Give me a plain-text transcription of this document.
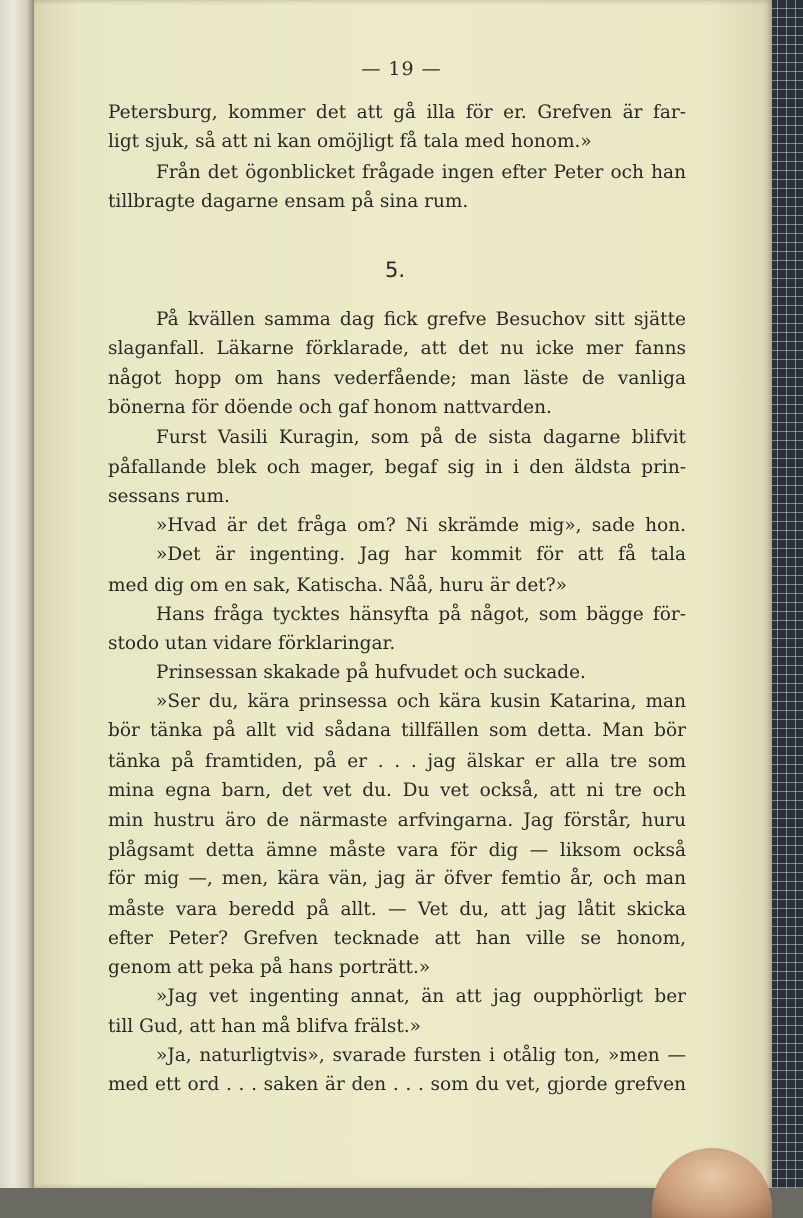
— 19 —
Petersburg, kommer det att gå illa för er. Grefven är far-
ligt sjuk, så att ni kan omöjligt få tala med honom.»
Från det ögonblicket frågade ingen efter Peter och han
tillbragte dagarne ensam på sina rum.
5.
På kvällen samma dag fick grefve Besuchov sitt sjätte
slaganfall. Läkarne förklarade, att det nu icke mer fanns
något hopp om hans vederfående; man läste de vanliga
bönerna för döende och gaf honom nattvarden.
Furst Vasili Kuragin, som på de sista dagarne blifvit
påfallande blek och mager, begaf sig in i den äldsta prin-
sessans rum.
»Hvad är det fråga om? Ni skrämde mig», sade hon.
»Det är ingenting. Jag har kommit för att få tala
med dig om en sak, Katischa. Nåå, huru är det?»
Hans fråga tycktes hänsyfta på något, som bägge för-
stodo utan vidare förklaringar.
Prinsessan skakade på hufvudet och suckade.
»Ser du, kära prinsessa och kära kusin Katarina, man
bör tänka på allt vid sådana tillfällen som detta. Man bör
tänka på framtiden, på er . . . jag älskar er alla tre som
mina egna barn, det vet du. Du vet också, att ni tre och
min hustru äro de närmaste arfvingarna. Jag förstår, huru
plågsamt detta ämne måste vara för dig — liksom också
för mig —, men, kära vän, jag är öfver femtio år, och man
måste vara beredd på allt. — Vet du, att jag låtit skicka
efter Peter? Grefven tecknade att han ville se honom,
genom att peka på hans porträtt.»
»Jag vet ingenting annat, än att jag oupphörligt ber
till Gud, att han må blifva frälst.»
»Ja, naturligtvis», svarade fursten i otålig ton, »men —
med ett ord . . . saken är den . . . som du vet, gjorde grefven
